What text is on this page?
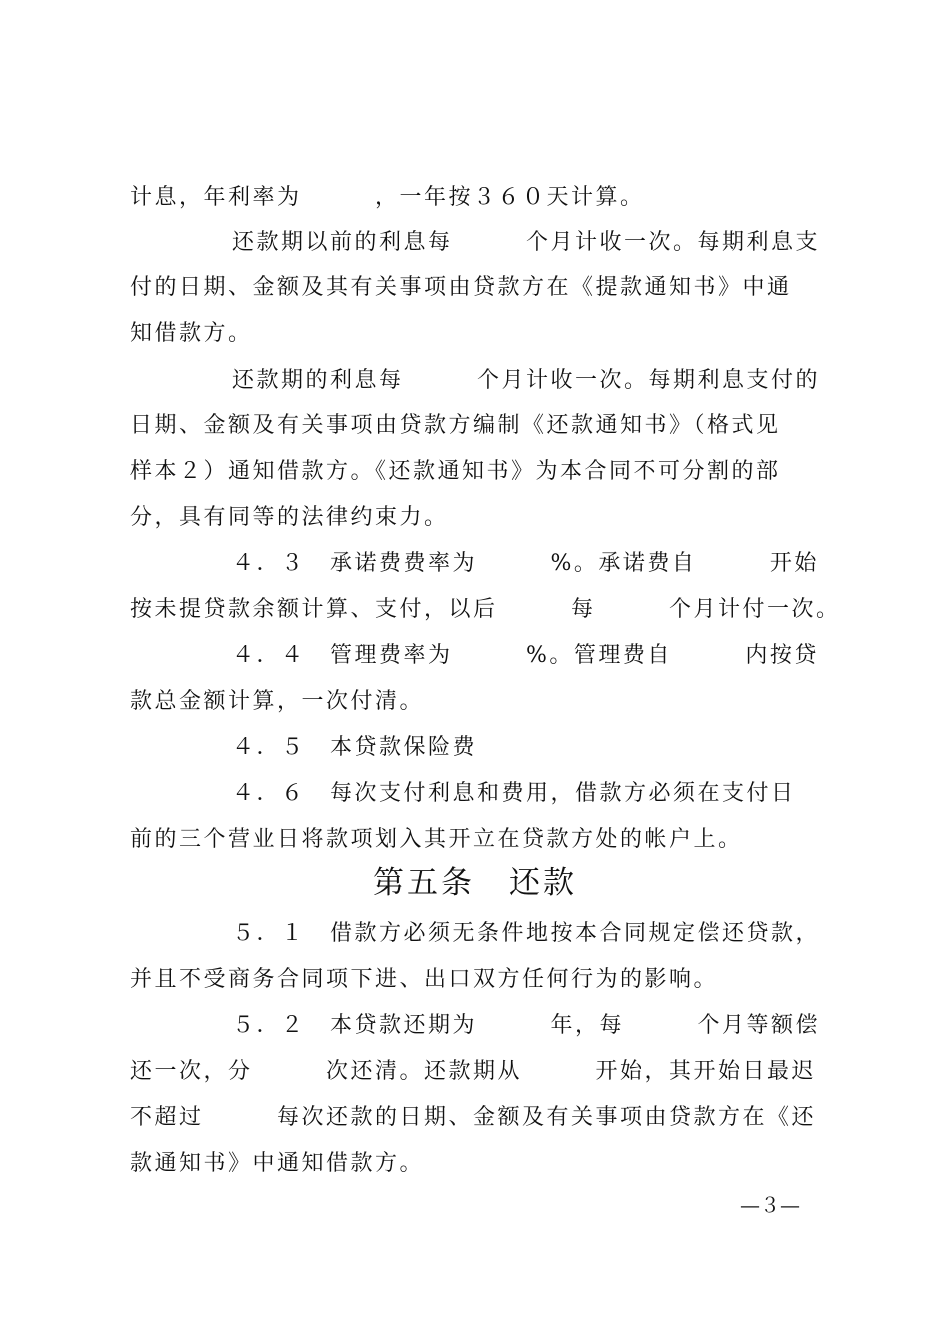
计息，年利率为　　　，一年按３６０天计算。
还款期以前的利息每　　　个月计收一次。每期利息支
付的日期、金额及其有关事项由贷款方在《提款通知书》中通
知借款方。
还款期的利息每　　　个月计收一次。每期利息支付的
日期、金额及有关事项由贷款方编制《还款通知书》（格式见
样本２）通知借款方。《还款通知书》为本合同不可分割的部
分，具有同等的法律约束力。
４．３　承诺费费率为　　　%。承诺费自　　　开始
按未提贷款余额计算、支付，以后　　　每　　　个月计付一次。
４．４　管理费率为　　　%。管理费自　　　内按贷
款总金额计算，一次付清。
４．５　本贷款保险费
４．６　每次支付利息和费用，借款方必须在支付日
前的三个营业日将款项划入其开立在贷款方处的帐户上。
第五条　还款
５．１　借款方必须无条件地按本合同规定偿还贷款，
并且不受商务合同项下进、出口双方任何行为的影响。
５．２　本贷款还期为　　　年，每　　　个月等额偿
还一次，分　　　次还清。还款期从　　　开始，其开始日最迟
不超过　　　每次还款的日期、金额及有关事项由贷款方在《还
款通知书》中通知借款方。
—３—
